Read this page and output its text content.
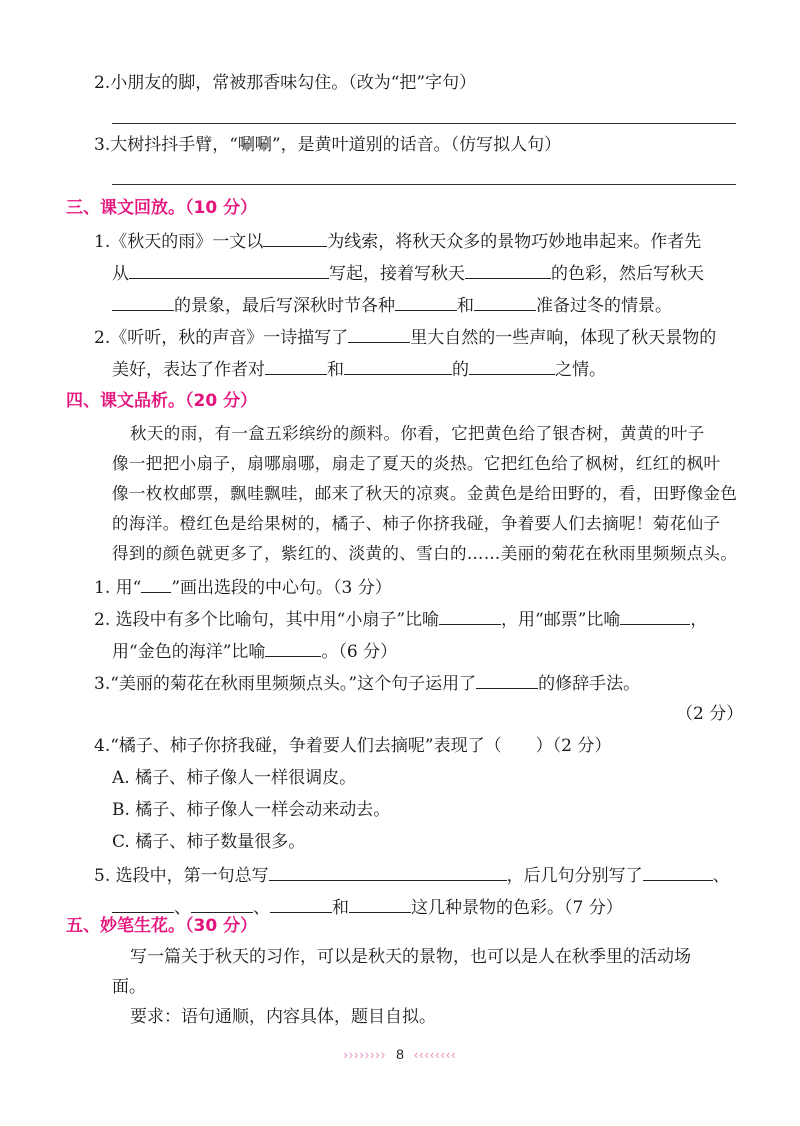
2.小朋友的脚，常被那香味勾住。（改为“把”字句）
3.大树抖抖手臂，“唰唰”，是黄叶道别的话音。（仿写拟人句）
三、课文回放。（10 分）
1.《秋天的雨》一文以	为线索，将秋天众多的景物巧妙地串起来。作者先
从	写起，接着写秋天	的色彩，然后写秋天
的景象，最后写深秋时节各种	和	准备过冬的情景。
2.《听听，秋的声音》一诗描写了	里大自然的一些声响，体现了秋天景物的
美好，表达了作者对	和	的	之情。
四、课文品析。（20 分）
秋天的雨，有一盒五彩缤纷的颜料。你看，它把黄色给了银杏树，黄黄的叶子
像一把把小扇子，扇哪扇哪，扇走了夏天的炎热。它把红色给了枫树，红红的枫叶
像一枚枚邮票，飘哇飘哇，邮来了秋天的凉爽。金黄色是给田野的，看，田野像金色
的海洋。橙红色是给果树的，橘子、柿子你挤我碰，争着要人们去摘呢！菊花仙子
得到的颜色就更多了，紫红的、淡黄的、雪白的……美丽的菊花在秋雨里频频点头。
1. 用“ ”画出选段的中心句。（3 分）
2. 选段中有多个比喻句，其中用“小扇子”比喻	，用“邮票”比喻	，
用“金色的海洋”比喻	。（6 分）
3.“美丽的菊花在秋雨里频频点头。”这个句子运用了	的修辞手法。
（2 分）
4.“橘子、柿子你挤我碰，争着要人们去摘呢”表现了（ ）（2 分）
A. 橘子、柿子像人一样很调皮。
B. 橘子、柿子像人一样会动来动去。
C. 橘子、柿子数量很多。
5. 选段中，第一句总写	，后几句分别写了	、
、	、	和	这几种景物的色彩。（7 分）
五、妙笔生花。（30 分）
写一篇关于秋天的习作，可以是秋天的景物，也可以是人在秋季里的活动场
面。
要求：语句通顺，内容具体，题目自拟。
›››››››› 8 ‹‹‹‹‹‹‹‹
